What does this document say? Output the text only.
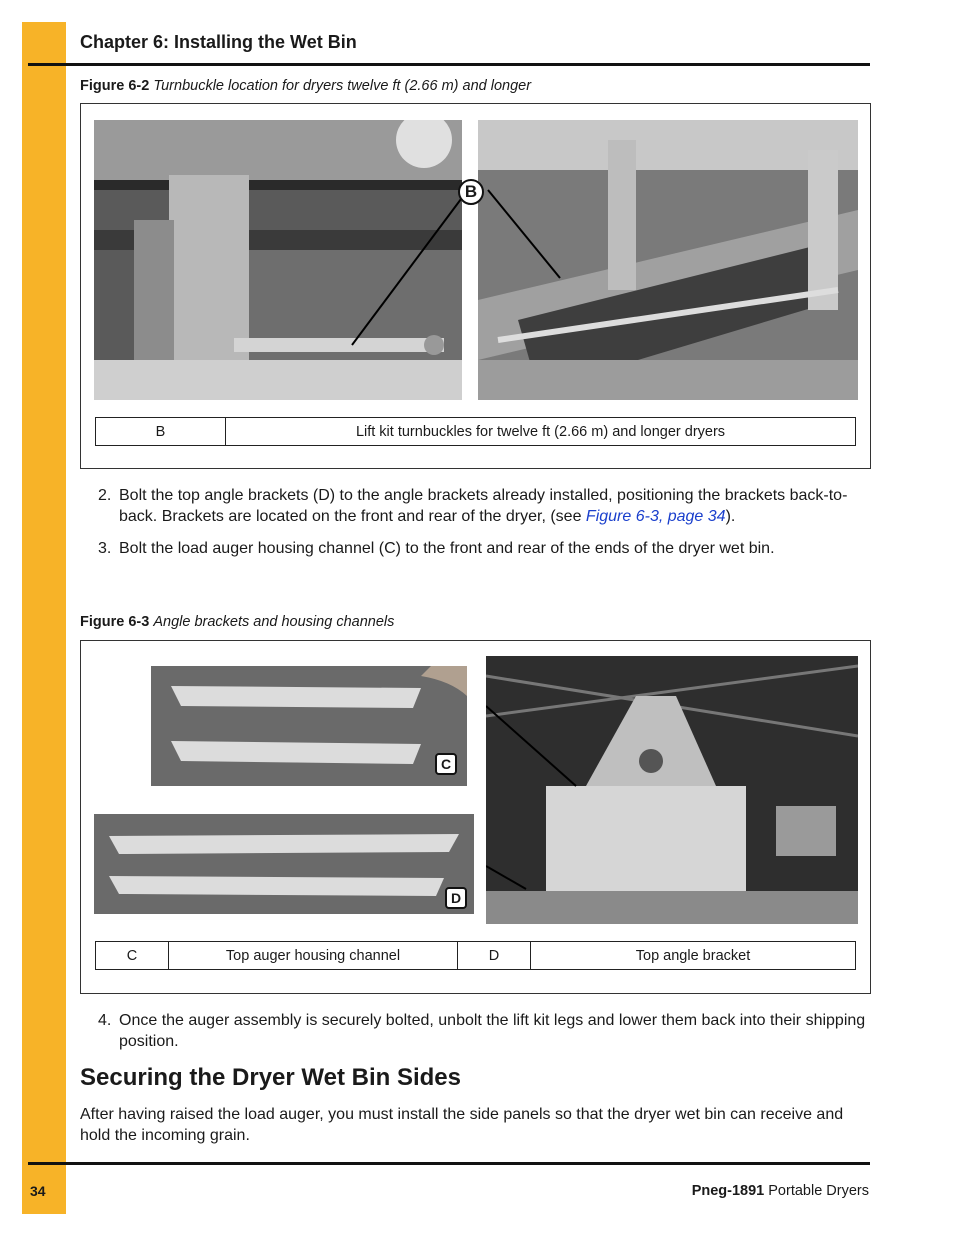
Chapter 6: Installing the Wet Bin
Figure 6-2 Turnbuckle location for dryers twelve ft (2.66 m) and longer
B
B	Lift kit turnbuckles for twelve ft (2.66 m) and longer dryers
2. Bolt the top angle brackets (D) to the angle brackets already installed, positioning the brackets back-to-back. Brackets are located on the front and rear of the dryer, (see Figure 6-3, page 34).
3. Bolt the load auger housing channel (C) to the front and rear of the ends of the dryer wet bin.
Figure 6-3 Angle brackets and housing channels
C
D
C	Top auger housing channel	D	Top angle bracket
4. Once the auger assembly is securely bolted, unbolt the lift kit legs and lower them back into their shipping position.
Securing the Dryer Wet Bin Sides
After having raised the load auger, you must install the side panels so that the dryer wet bin can receive and hold the incoming grain.
34	Pneg-1891 Portable Dryers
